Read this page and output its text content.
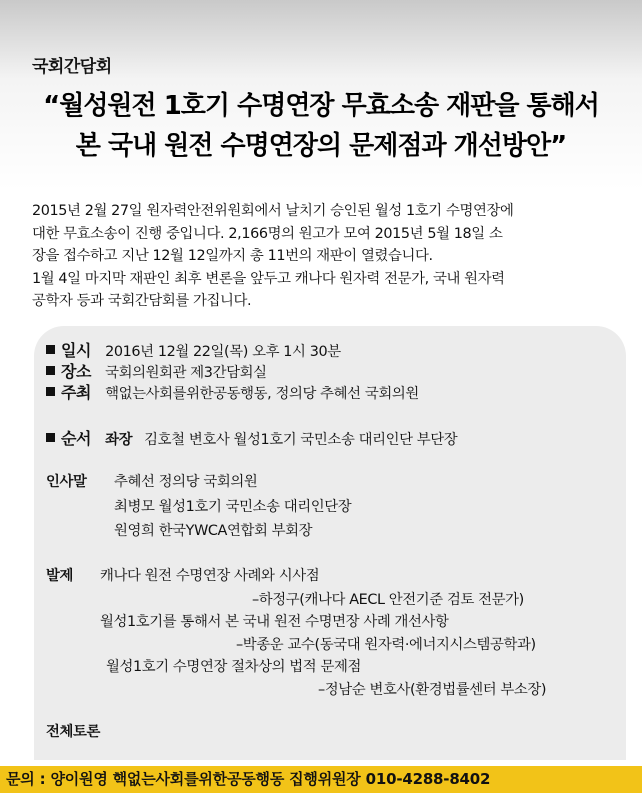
국회간담회
“월성원전 1호기 수명연장 무효소송 재판을 통해서
본 국내 원전 수명연장의 문제점과 개선방안”
2015년 2월 27일 원자력안전위원회에서 날치기 승인된 월성 1호기 수명연장에
대한 무효소송이 진행 중입니다. 2,166명의 원고가 모여 2015년 5월 18일 소
장을 접수하고 지난 12월 12일까지 총 11번의 재판이 열렸습니다.
1월 4일 마지막 재판인 최후 변론을 앞두고 캐나다 원자력 전문가, 국내 원자력
공학자 등과 국회간담회를 가집니다.
일시 2016년 12월 22일(목) 오후 1시 30분
장소 국회의원회관 제3간담회실
주최 핵없는사회를위한공동행동, 정의당 추혜선 국회의원
순서 좌장 김호철 변호사 월성1호기 국민소송 대리인단 부단장
인사말 추혜선 정의당 국회의원
최병모 월성1호기 국민소송 대리인단장
원영희 한국YWCA연합회 부회장
발제 캐나다 원전 수명연장 사례와 시사점
–하정구(캐나다 AECL 안전기준 검토 전문가)
월성1호기를 통해서 본 국내 원전 수명면장 사례 개선사항
–박종운 교수(동국대 원자력·에너지시스템공학과)
월성1호기 수명연장 절차상의 법적 문제점
–정남순 변호사(환경법률센터 부소장)
전체토론
문의 : 양이원영 핵없는사회를위한공동행동 집행위원장 010-4288-8402
